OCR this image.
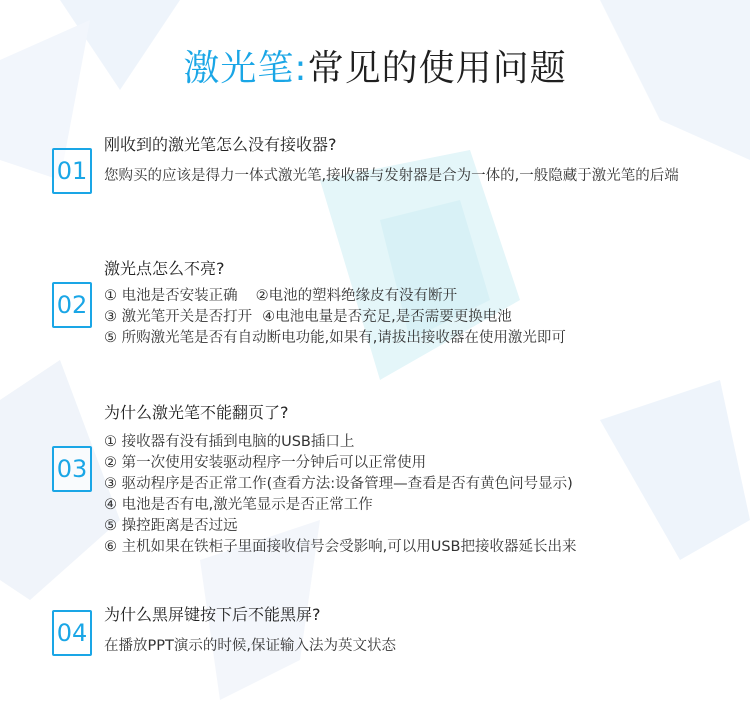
激光笔:常见的使用问题
01
刚收到的激光笔怎么没有接收器?
您购买的应该是得力一体式激光笔,接收器与发射器是合为一体的,一般隐藏于激光笔的后端
02
激光点怎么不亮?
① 电池是否安装正确 ②电池的塑料绝缘皮有没有断开
③ 激光笔开关是否打开 ④电池电量是否充足,是否需要更换电池
⑤ 所购激光笔是否有自动断电功能,如果有,请拔出接收器在使用激光即可
03
为什么激光笔不能翻页了?
① 接收器有没有插到电脑的USB插口上
② 第一次使用安装驱动程序一分钟后可以正常使用
③ 驱动程序是否正常工作(查看方法:设备管理—查看是否有黄色问号显示)
④ 电池是否有电,激光笔显示是否正常工作
⑤ 操控距离是否过远
⑥ 主机如果在铁柜子里面接收信号会受影响,可以用USB把接收器延长出来
04
为什么黑屏键按下后不能黑屏?
在播放PPT演示的时候,保证输入法为英文状态
